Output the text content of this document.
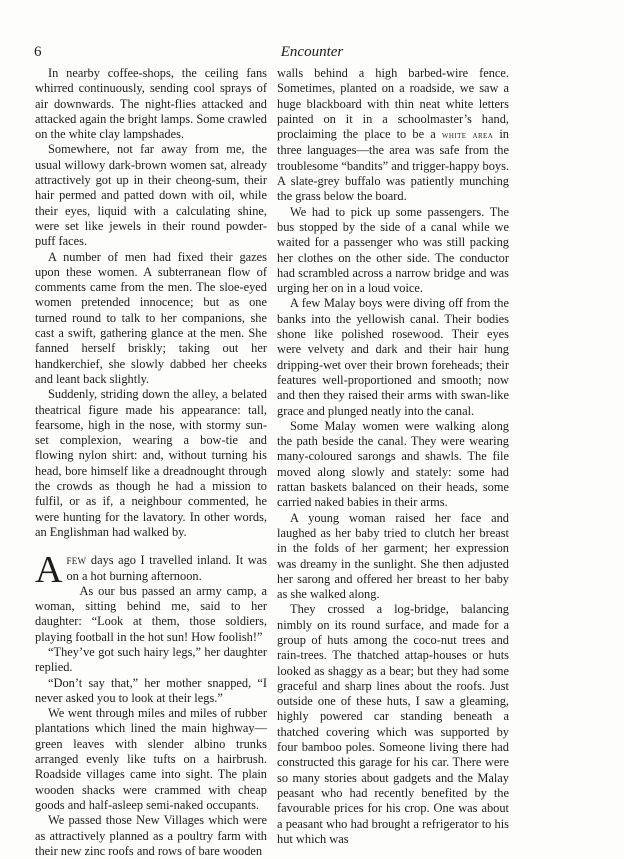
6	Encounter

In nearby coffee-shops, the ceiling fans whirred continuously, sending cool sprays of air downwards. The night-flies attacked and attacked again the bright lamps. Some crawled on the white clay lampshades.

Somewhere, not far away from me, the usual willowy dark-brown women sat, already attractively got up in their cheong-sum, their hair permed and patted down with oil, while their eyes, liquid with a calculating shine, were set like jewels in their round powder-puff faces.

A number of men had fixed their gazes upon these women. A subterranean flow of comments came from the men. The sloe-eyed women pretended innocence; but as one turned round to talk to her companions, she cast a swift, gathering glance at the men. She fanned herself briskly; taking out her handkerchief, she slowly dabbed her cheeks and leant back slightly.

Suddenly, striding down the alley, a belated theatrical figure made his appearance: tall, fearsome, high in the nose, with stormy sun-set complexion, wearing a bow-tie and flowing nylon shirt: and, without turning his head, bore himself like a dreadnought through the crowds as though he had a mission to fulfil, or as if, a neighbour commented, he were hunting for the lavatory. In other words, an Englishman had walked by.

Afew days ago I travelled inland. It was on a hot burning afternoon.

As our bus passed an army camp, a woman, sitting behind me, said to her daughter: “Look at them, those soldiers, playing football in the hot sun! How foolish!”

“They’ve got such hairy legs,” her daughter replied.

“Don’t say that,” her mother snapped, “I never asked you to look at their legs.”

We went through miles and miles of rubber plantations which lined the main highway—green leaves with slender albino trunks arranged evenly like tufts on a hairbrush. Roadside villages came into sight. The plain wooden shacks were crammed with cheap goods and half-asleep semi-naked occupants.

We passed those New Villages which were as attractively planned as a poultry farm with their new zinc roofs and rows of bare wooden

walls behind a high barbed-wire fence. Sometimes, planted on a roadside, we saw a huge blackboard with thin neat white letters painted on it in a schoolmaster’s hand, proclaiming the place to be a white area in three languages—the area was safe from the troublesome “bandits” and trigger-happy boys. A slate-grey buffalo was patiently munching the grass below the board.

We had to pick up some passengers. The bus stopped by the side of a canal while we waited for a passenger who was still packing her clothes on the other side. The conductor had scrambled across a narrow bridge and was urging her on in a loud voice.

A few Malay boys were diving off from the banks into the yellowish canal. Their bodies shone like polished rosewood. Their eyes were velvety and dark and their hair hung dripping-wet over their brown foreheads; their features well-proportioned and smooth; now and then they raised their arms with swan-like grace and plunged neatly into the canal.

Some Malay women were walking along the path beside the canal. They were wearing many-coloured sarongs and shawls. The file moved along slowly and stately: some had rattan baskets balanced on their heads, some carried naked babies in their arms.

A young woman raised her face and laughed as her baby tried to clutch her breast in the folds of her garment; her expression was dreamy in the sunlight. She then adjusted her sarong and offered her breast to her baby as she walked along.

They crossed a log-bridge, balancing nimbly on its round surface, and made for a group of huts among the coco-nut trees and rain-trees. The thatched attap-houses or huts looked as shaggy as a bear; but they had some graceful and sharp lines about the roofs. Just outside one of these huts, I saw a gleaming, highly powered car standing beneath a thatched covering which was supported by four bamboo poles. Someone living there had constructed this garage for his car. There were so many stories about gadgets and the Malay peasant who had recently benefited by the favourable prices for his crop. One was about a peasant who had brought a refrigerator to his hut which was
